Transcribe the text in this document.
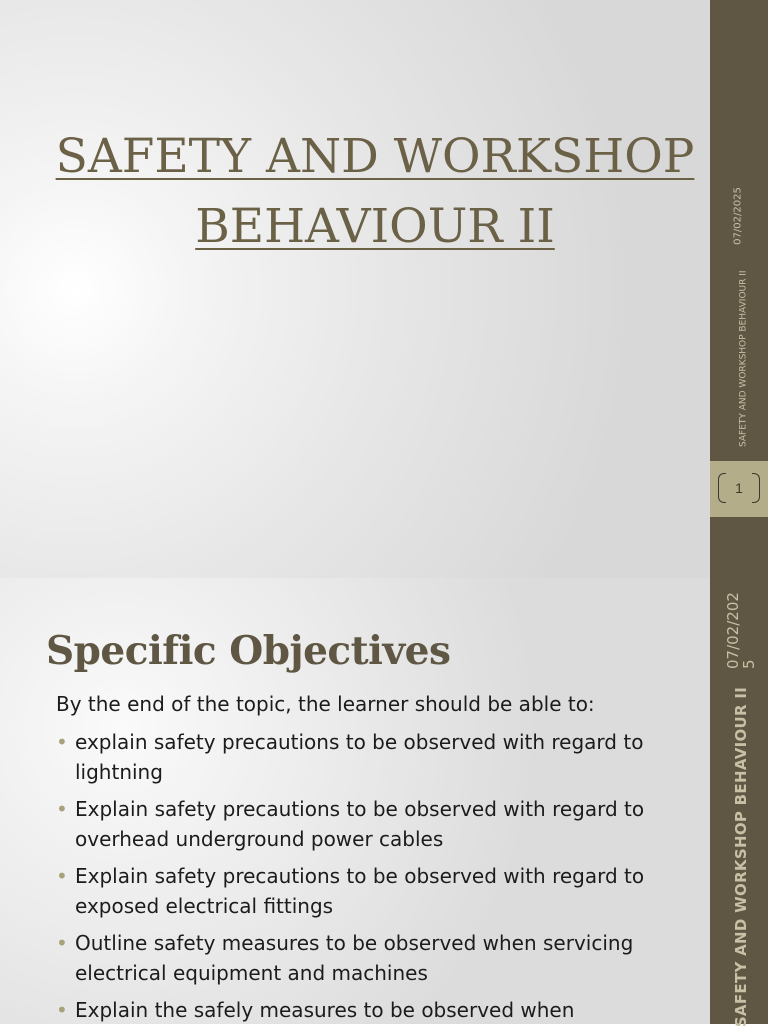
SAFETY AND WORKSHOP BEHAVIOUR II	07/02/2025
SAFETY AND WORKSHOP BEHAVIOUR II
1
07/02/2025
SAFETY AND WORKSHOP BEHAVIOUR II
Specific Objectives
By the end of the topic, the learner should be able to:
• explain safety precautions to be observed with regard to lightning
• Explain safety precautions to be observed with regard to overhead underground power cables
• Explain safety precautions to be observed with regard to exposed electrical fittings
• Outline safety measures to be observed when servicing electrical equipment and machines
• Explain the safely measures to be observed when
